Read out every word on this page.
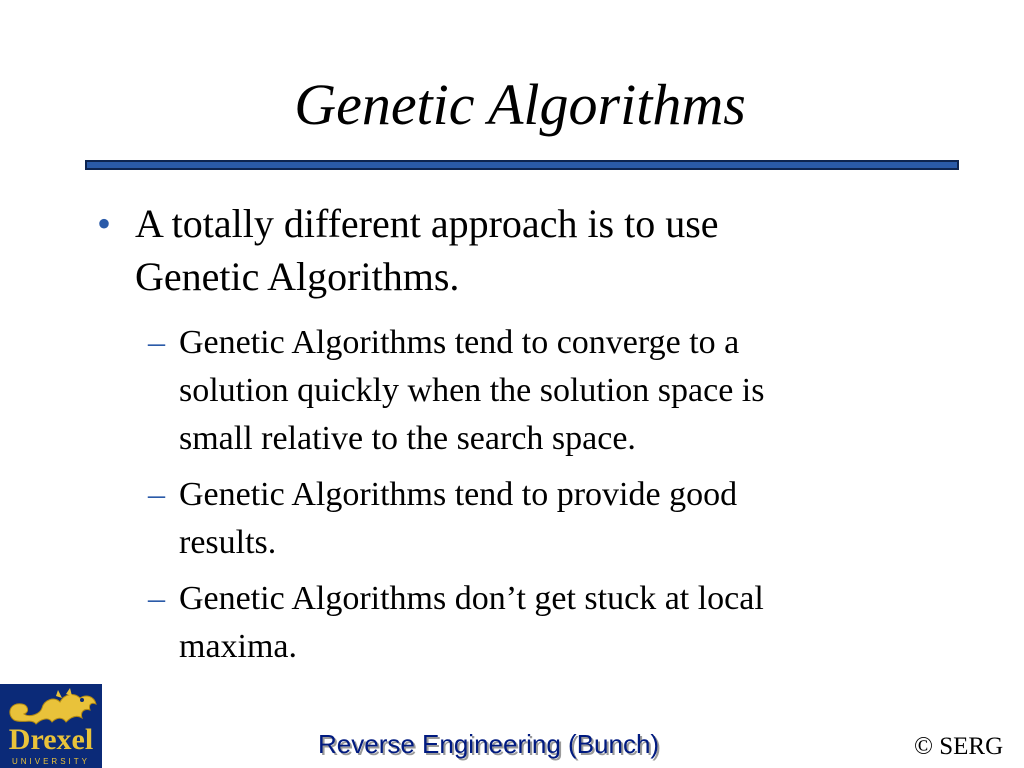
Genetic Algorithms
• A totally different approach is to use
Genetic Algorithms.
– Genetic Algorithms tend to converge to a
solution quickly when the solution space is
small relative to the search space.
– Genetic Algorithms tend to provide good
results.
– Genetic Algorithms don’t get stuck at local
maxima.
Drexel
UNIVERSITY
Reverse Engineering (Bunch)	© SERG
